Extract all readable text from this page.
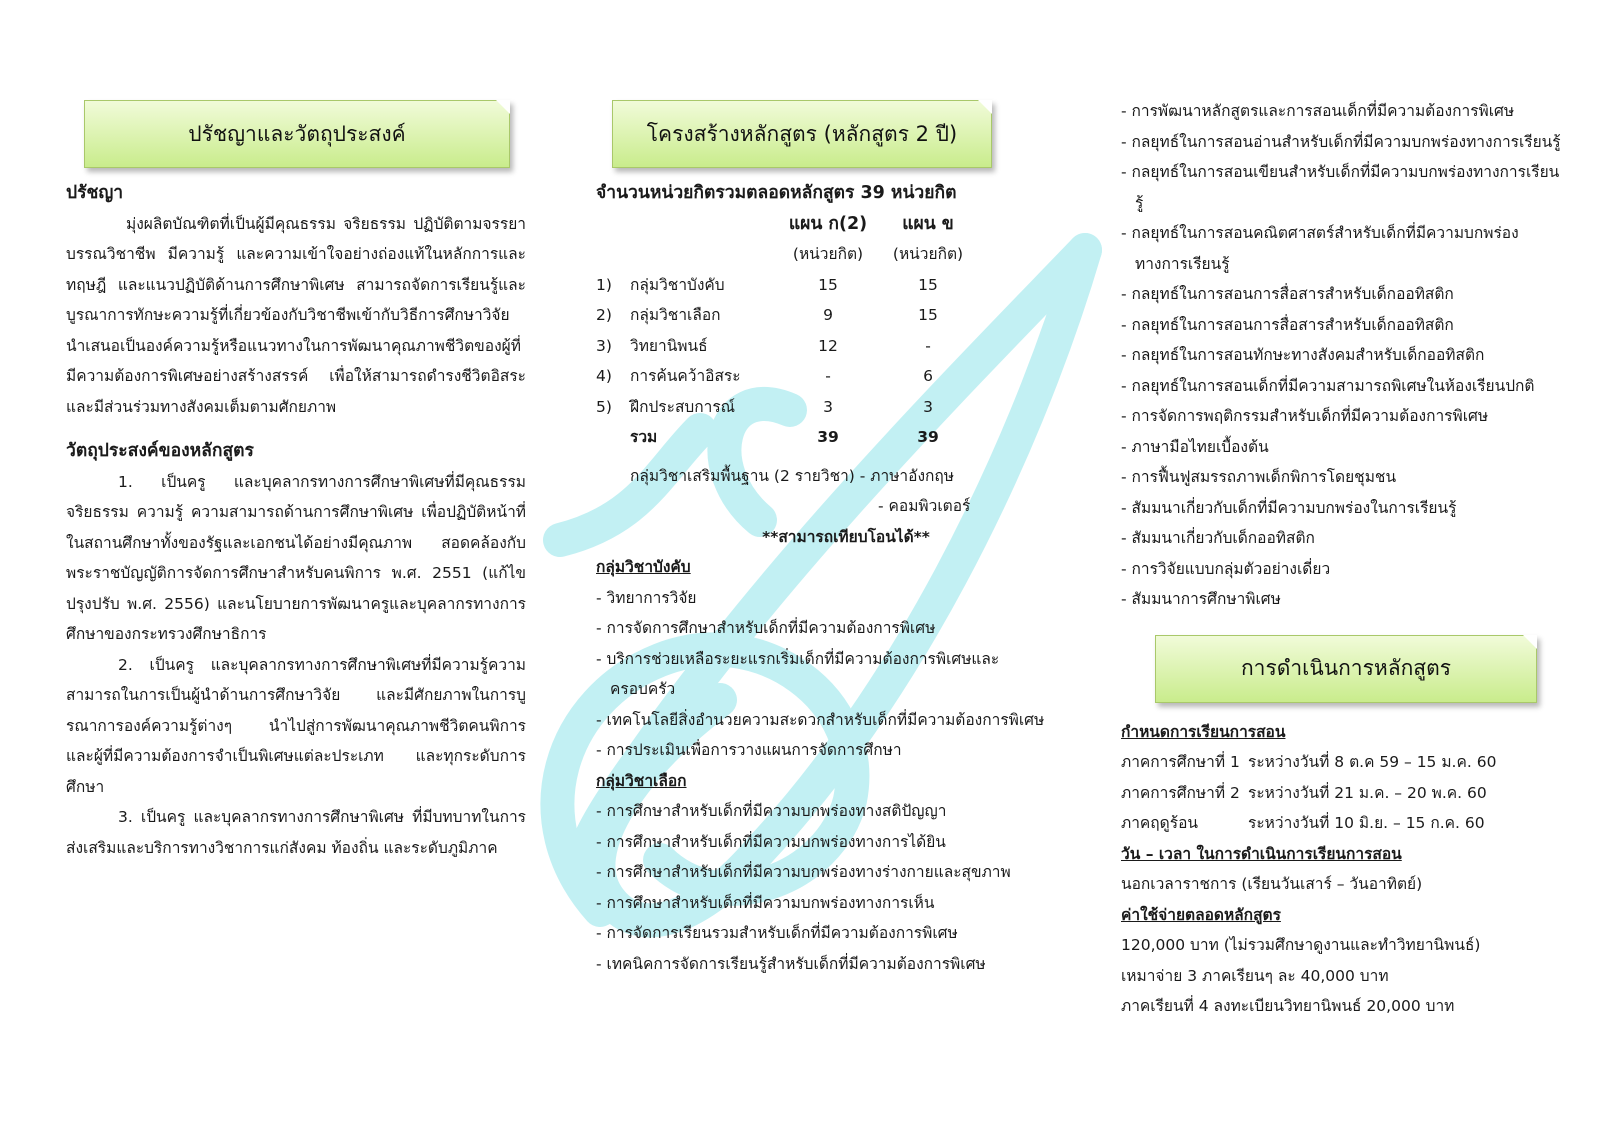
ปรัชญาและวัตถุประสงค์
ปรัชญา

มุ่งผลิตบัณฑิตที่เป็นผู้มีคุณธรรม จริยธรรม ปฏิบัติตามจรรยาบรรณวิชาชีพ มีความรู้ และความเข้าใจอย่างถ่องแท้ในหลักการและทฤษฎี และแนวปฏิบัติด้านการศึกษาพิเศษ สามารถจัดการเรียนรู้และบูรณาการทักษะความรู้ที่เกี่ยวข้องกับวิชาชีพเข้ากับวิธีการศึกษาวิจัย นำเสนอเป็นองค์ความรู้หรือแนวทางในการพัฒนาคุณภาพชีวิตของผู้ที่มีความต้องการพิเศษอย่างสร้างสรรค์ เพื่อให้สามารถดำรงชีวิตอิสระและมีส่วนร่วมทางสังคมเต็มตามศักยภาพ

วัตถุประสงค์ของหลักสูตร

1. เป็นครู และบุคลากรทางการศึกษาพิเศษที่มีคุณธรรม จริยธรรม ความรู้ ความสามารถด้านการศึกษาพิเศษ เพื่อปฏิบัติหน้าที่ในสถานศึกษาทั้งของรัฐและเอกชนได้อย่างมีคุณภาพ สอดคล้องกับพระราชบัญญัติการจัดการศึกษาสำหรับคนพิการ พ.ศ. 2551 (แก้ไขปรุงปรับ พ.ศ. 2556) และนโยบายการพัฒนาครูและบุคลากรทางการศึกษาของกระทรวงศึกษาธิการ

2. เป็นครู และบุคลากรทางการศึกษาพิเศษที่มีความรู้ความสามารถในการเป็นผู้นำด้านการศึกษาวิจัย และมีศักยภาพในการบูรณาการองค์ความรู้ต่างๆ นำไปสู่การพัฒนาคุณภาพชีวิตคนพิการ และผู้ที่มีความต้องการจำเป็นพิเศษแต่ละประเภท และทุกระดับการศึกษา

3. เป็นครู และบุคลากรทางการศึกษาพิเศษ ที่มีบทบาทในการส่งเสริมและบริการทางวิชาการแก่สังคม ท้องถิ่น และระดับภูมิภาค

โครงสร้างหลักสูตร (หลักสูตร 2 ปี)
จำนวนหน่วยกิตรวมตลอดหลักสูตร 39 หน่วยกิต
		แผน ก(2)	แผน ข
		(หน่วยกิต)	(หน่วยกิต)
1)	กลุ่มวิชาบังคับ	15	15
2)	กลุ่มวิชาเลือก	9	15
3)	วิทยานิพนธ์	12	-
4)	การค้นคว้าอิสระ	-	6
5)	ฝึกประสบการณ์	3	3
	รวม	39	39
กลุ่มวิชาเสริมพื้นฐาน (2 รายวิชา) - ภาษาอังกฤษ
- คอมพิวเตอร์
**สามารถเทียบโอนได้**
กลุ่มวิชาบังคับ

- วิทยาการวิจัย

- การจัดการศึกษาสำหรับเด็กที่มีความต้องการพิเศษ

- บริการช่วยเหลือระยะแรกเริ่มเด็กที่มีความต้องการพิเศษและครอบครัว

- เทคโนโลยีสิ่งอำนวยความสะดวกสำหรับเด็กที่มีความต้องการพิเศษ

- การประเมินเพื่อการวางแผนการจัดการศึกษา

กลุ่มวิชาเลือก

- การศึกษาสำหรับเด็กที่มีความบกพร่องทางสติปัญญา

- การศึกษาสำหรับเด็กที่มีความบกพร่องทางการได้ยิน

- การศึกษาสำหรับเด็กที่มีความบกพร่องทางร่างกายและสุขภาพ

- การศึกษาสำหรับเด็กที่มีความบกพร่องทางการเห็น

- การจัดการเรียนรวมสำหรับเด็กที่มีความต้องการพิเศษ

- เทคนิคการจัดการเรียนรู้สำหรับเด็กที่มีความต้องการพิเศษ

- การพัฒนาหลักสูตรและการสอนเด็กที่มีความต้องการพิเศษ

- กลยุทธ์ในการสอนอ่านสำหรับเด็กที่มีความบกพร่องทางการเรียนรู้

- กลยุทธ์ในการสอนเขียนสำหรับเด็กที่มีความบกพร่องทางการเรียนรู้

- กลยุทธ์ในการสอนคณิตศาสตร์สำหรับเด็กที่มีความบกพร่องทางการเรียนรู้

- กลยุทธ์ในการสอนการสื่อสารสำหรับเด็กออทิสติก

- กลยุทธ์ในการสอนการสื่อสารสำหรับเด็กออทิสติก

- กลยุทธ์ในการสอนทักษะทางสังคมสำหรับเด็กออทิสติก

- กลยุทธ์ในการสอนเด็กที่มีความสามารถพิเศษในห้องเรียนปกติ

- การจัดการพฤติกรรมสำหรับเด็กที่มีความต้องการพิเศษ

- ภาษามือไทยเบื้องต้น

- การฟื้นฟูสมรรถภาพเด็กพิการโดยชุมชน

- สัมมนาเกี่ยวกับเด็กที่มีความบกพร่องในการเรียนรู้

- สัมมนาเกี่ยวกับเด็กออทิสติก

- การวิจัยแบบกลุ่มตัวอย่างเดี่ยว

- สัมมนาการศึกษาพิเศษ

การดำเนินการหลักสูตร
กำหนดการเรียนการสอน
ภาคการศึกษาที่ 1 ระหว่างวันที่ 8 ต.ค 59 – 15 ม.ค. 60
ภาคการศึกษาที่ 2 ระหว่างวันที่ 21 ม.ค. – 20 พ.ค. 60
ภาคฤดูร้อน	ระหว่างวันที่ 10 มิ.ย. – 15 ก.ค. 60
วัน – เวลา ในการดำเนินการเรียนการสอน
นอกเวลาราชการ (เรียนวันเสาร์ – วันอาทิตย์)
ค่าใช้จ่ายตลอดหลักสูตร
120,000 บาท (ไม่รวมศึกษาดูงานและทำวิทยานิพนธ์)
เหมาจ่าย 3 ภาคเรียนๆ ละ 40,000 บาท
ภาคเรียนที่ 4 ลงทะเบียนวิทยานิพนธ์ 20,000 บาท
